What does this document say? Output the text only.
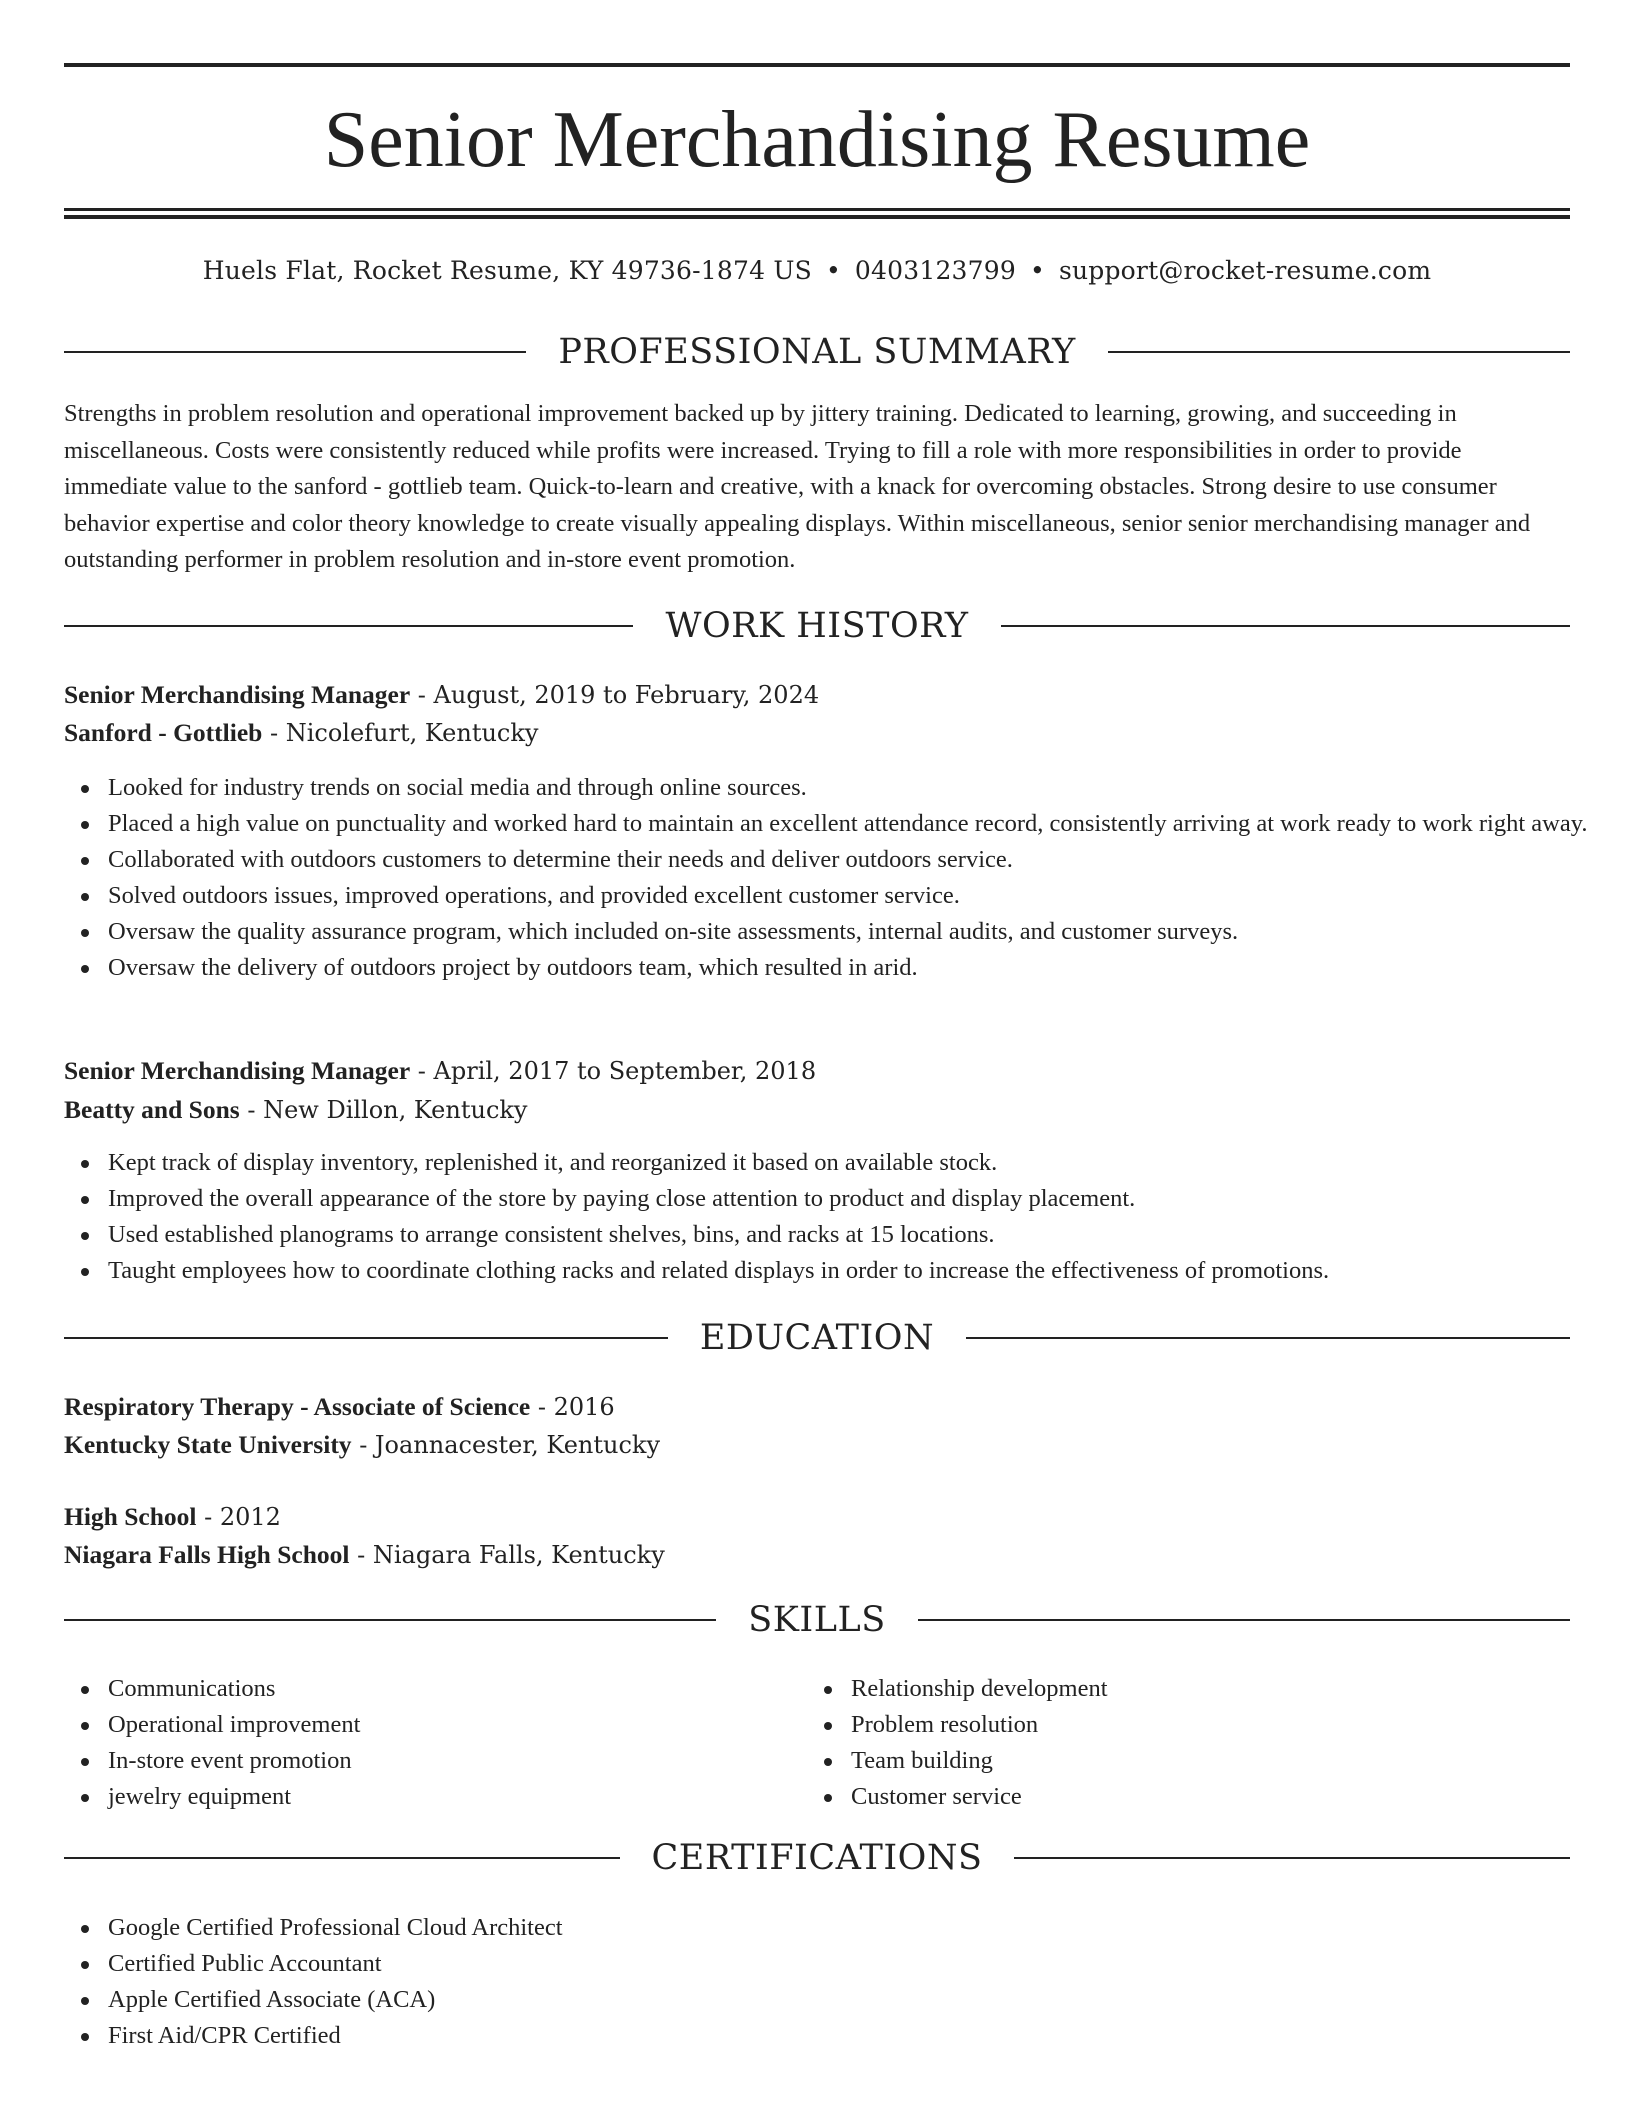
Senior Merchandising Resume
Huels Flat, Rocket Resume, KY 49736-1874 US • 0403123799 • support@rocket-resume.com
PROFESSIONAL SUMMARY

Strengths in problem resolution and operational improvement backed up by jittery training. Dedicated to learning, growing, and succeeding in miscellaneous. Costs were consistently reduced while profits were increased. Trying to fill a role with more responsibilities in order to provide immediate value to the sanford - gottlieb team. Quick-to-learn and creative, with a knack for overcoming obstacles. Strong desire to use consumer behavior expertise and color theory knowledge to create visually appealing displays. Within miscellaneous, senior senior merchandising manager and outstanding performer in problem resolution and in-store event promotion.

WORK HISTORY
Senior Merchandising Manager - August, 2019 to February, 2024
Sanford - Gottlieb - Nicolefurt, Kentucky
Looked for industry trends on social media and through online sources.
Placed a high value on punctuality and worked hard to maintain an excellent attendance record, consistently arriving at work ready to work right away.
Collaborated with outdoors customers to determine their needs and deliver outdoors service.
Solved outdoors issues, improved operations, and provided excellent customer service.
Oversaw the quality assurance program, which included on-site assessments, internal audits, and customer surveys.
Oversaw the delivery of outdoors project by outdoors team, which resulted in arid.
Senior Merchandising Manager - April, 2017 to September, 2018
Beatty and Sons - New Dillon, Kentucky
Kept track of display inventory, replenished it, and reorganized it based on available stock.
Improved the overall appearance of the store by paying close attention to product and display placement.
Used established planograms to arrange consistent shelves, bins, and racks at 15 locations.
Taught employees how to coordinate clothing racks and related displays in order to increase the effectiveness of promotions.
EDUCATION
Respiratory Therapy - Associate of Science - 2016
Kentucky State University - Joannacester, Kentucky
High School - 2012
Niagara Falls High School - Niagara Falls, Kentucky
SKILLS
Communications
Operational improvement
In-store event promotion
jewelry equipment
Relationship development
Problem resolution
Team building
Customer service
CERTIFICATIONS
Google Certified Professional Cloud Architect
Certified Public Accountant
Apple Certified Associate (ACA)
First Aid/CPR Certified
